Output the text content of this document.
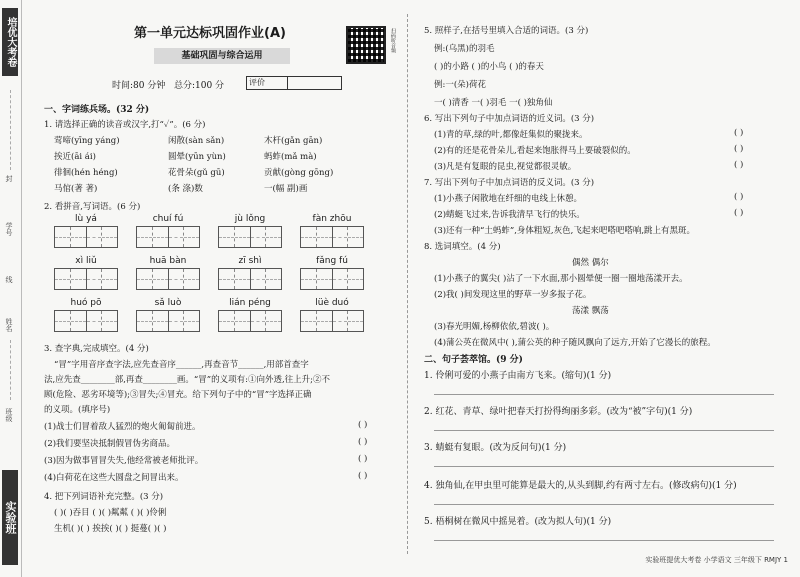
培优大考卷
封
学号
线
姓名
班级
实验班
第一单元达标巩固作业(A)	扫码听音频
基础巩固与综合运用
时间:80 分钟 总分:100 分	评价
一、字词练兵场。(32 分)
1. 请选择正确的读音或汉字,打“✓”。(6 分)
莺啼(yīng yáng)	闲散(sàn sǎn)	木杆(gǎn gān)
挨近(āi ái)	圆晕(yūn yùn)	蚂蚱(mǎ mà)
徘徊(hén héng)	花骨朵(gǔ gū)	贡献(gòng gōng)
马倌(著 著)	(条 涤)数	一(幅 副)画
2. 看拼音,写词语。(6 分)
lù yá	chuí fú	jù lǒng	fàn zhōu
xì liǔ	huā bàn	zī shì	fǎng fú
huó pō	sǎ luò	lián péng	lüè duó
3. 查字典,完成填空。(4 分)
“冒”字用音序查字法,应先查音序______,再查音节______,用部首查字
法,应先查________部,再查________画。“冒”的义项有:①向外透,往上升;②不
顾(危险、恶劣环境等);③冒失;④冒充。给下列句子中的“冒”字选择正确
的义项。(填序号)
(1)战士们冒着敌人猛烈的炮火匍匐前进。	( )
(2)我们要坚决抵制假冒伪劣商品。	( )
(3)因为做事冒冒失失,他经常被老师批评。	( )
(4)白荷花在这些大圆盘之间冒出来。	( )
4. 把下列词语补充完整。(3 分)
( )( )吞目 ( )( )粼粼 ( )( )伶俐
生机( )( ) 挨挨( )( ) 挺蔓( )( )
5. 照样子,在括号里填入合适的词语。(3 分)
例:(乌黑)的羽毛
( )的小路 ( )的小鸟 ( )的春天
例:一(朵)荷花
一( )清香 一( )羽毛 一( )独角仙
6. 写出下列句子中加点词语的近义词。(3 分)
(1)青的草,绿的叶,都像赶集似的聚拢来。	( )
(2)有的还是花骨朵儿,看起来饱胀得马上要破裂似的。	( )
(3)凡是有复眼的昆虫,视觉都很灵敏。	( )
7. 写出下列句子中加点词语的反义词。(3 分)
(1)小燕子闲散地在纤细的电线上休憩。	( )
(2)蜻蜓飞过来,告诉我清早飞行的快乐。	( )
(3)还有一种“土蚂蚱”,身体粗短,灰色,飞起来吧嗒吧嗒响,跳上有黑斑。
8. 选词填空。(4 分)
偶然 偶尔
(1)小燕子的翼尖( )沾了一下水面,那小圆晕便一圈一圈地荡漾开去。
(2)我( )间发现这里的野草一岁多报子花。
荡漾 飘荡
(3)春光明媚,杨柳依依,碧波( )。
(4)蒲公英在微风中( ),蒲公英的种子随风飘向了远方,开始了它漫长的旅程。
二、句子荟萃馆。(9 分)
1. 伶俐可爱的小燕子由南方飞来。(缩句)(1 分)
2. 红花、青草、绿叶把春天打扮得绚丽多彩。(改为“被”字句)(1 分)
3. 蜻蜓有复眼。(改为反问句)(1 分)
4. 独角仙,在甲虫里可能算是最大的,从头到脚,约有两寸左右。(修改病句)(1 分)
5. 梧桐树在微风中摇晃着。(改为拟人句)(1 分)
实验班提优大考卷 小学语文 三年级下 RMJY 1
